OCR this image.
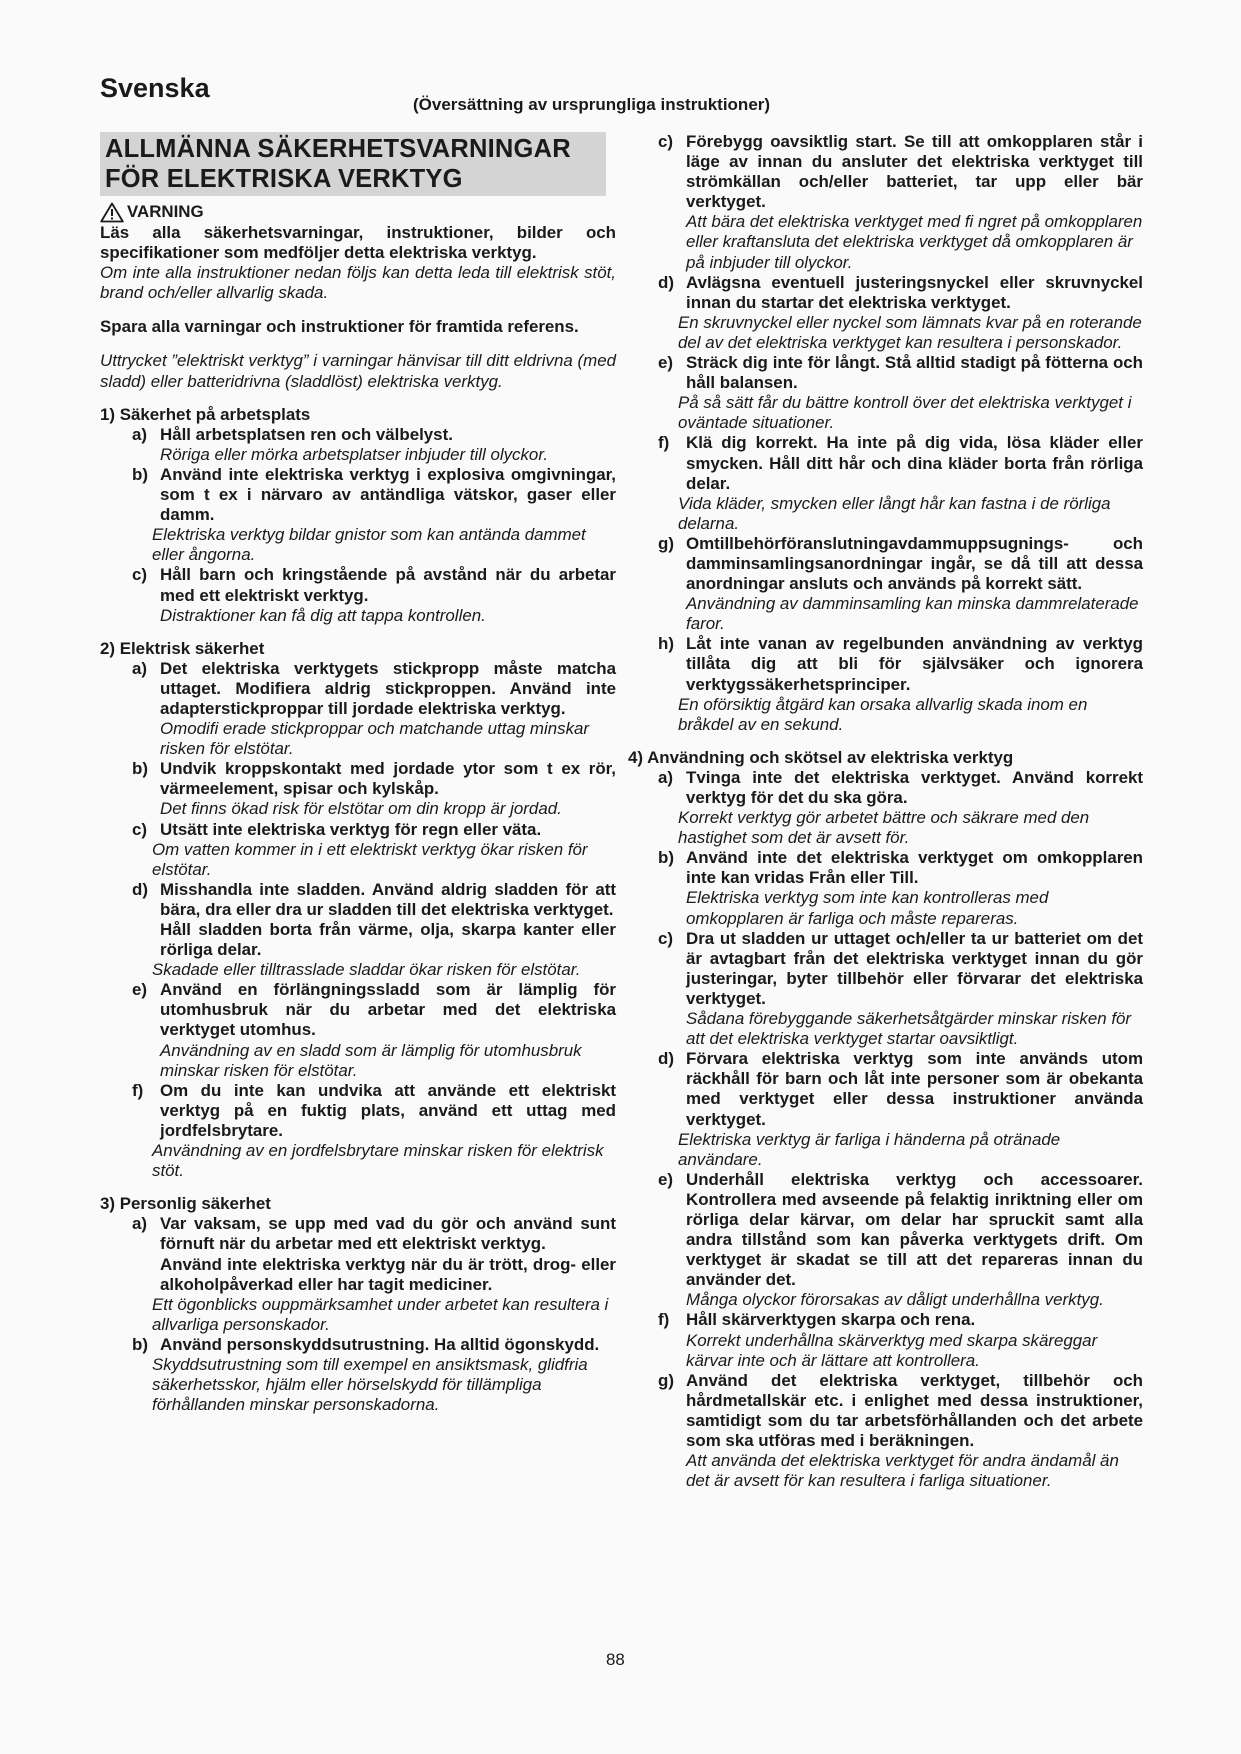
Svenska
(Översättning av ursprungliga instruktioner)
ALLMÄNNA SÄKERHETSVARNINGAR
FÖR ELEKTRISKA VERKTYG
VARNING

Läs alla säkerhetsvarningar, instruktioner, bilder och specifikationer som medföljer detta elektriska verktyg.

Om inte alla instruktioner nedan följs kan detta leda till elektrisk stöt, brand och/eller allvarlig skada.

Spara alla varningar och instruktioner för framtida referens.

Uttrycket ”elektriskt verktyg” i varningar hänvisar till ditt eldrivna (med sladd) eller batteridrivna (sladdlöst) elektriska verktyg.

1) Säkerhet på arbetsplats
a) Håll arbetsplatsen ren och välbelyst.

Röriga eller mörka arbetsplatser inbjuder till olyckor.

b) Använd inte elektriska verktyg i explosiva omgivningar, som t ex i närvaro av antändliga vätskor, gaser eller damm.

Elektriska verktyg bildar gnistor som kan antända dammet eller ångorna.

c) Håll barn och kringstående på avstånd när du arbetar med ett elektriskt verktyg.

Distraktioner kan få dig att tappa kontrollen.

2) Elektrisk säkerhet
a) Det elektriska verktygets stickpropp måste matcha uttaget. Modifiera aldrig stickproppen. Använd inte adapterstickproppar till jordade elektriska verktyg.

Omodifi erade stickproppar och matchande uttag minskar risken för elstötar.

b) Undvik kroppskontakt med jordade ytor som t ex rör, värmeelement, spisar och kylskåp.

Det finns ökad risk för elstötar om din kropp är jordad.

c) Utsätt inte elektriska verktyg för regn eller väta.

Om vatten kommer in i ett elektriskt verktyg ökar risken för elstötar.

d) Misshandla inte sladden. Använd aldrig sladden för att bära, dra eller dra ur sladden till det elektriska verktyget.

Håll sladden borta från värme, olja, skarpa kanter eller rörliga delar.

Skadade eller tilltrasslade sladdar ökar risken för elstötar.

e) Använd en förlängningssladd som är lämplig för utomhusbruk när du arbetar med det elektriska verktyget utomhus.

Användning av en sladd som är lämplig för utomhusbruk minskar risken för elstötar.

f) Om du inte kan undvika att använde ett elektriskt verktyg på en fuktig plats, använd ett uttag med jordfelsbrytare.

Användning av en jordfelsbrytare minskar risken för elektrisk stöt.

3) Personlig säkerhet
a) Var vaksam, se upp med vad du gör och använd sunt förnuft när du arbetar med ett elektriskt verktyg.

Använd inte elektriska verktyg när du är trött, drog- eller alkoholpåverkad eller har tagit mediciner.

Ett ögonblicks ouppmärksamhet under arbetet kan resultera i allvarliga personskador.

b) Använd personskyddsutrustning. Ha alltid ögonskydd.

Skyddsutrustning som till exempel en ansiktsmask, glidfria säkerhetsskor, hjälm eller hörselskydd för tillämpliga förhållanden minskar personskadorna.

c) Förebygg oavsiktlig start. Se till att omkopplaren står i läge av innan du ansluter det elektriska verktyget till strömkällan och/eller batteriet, tar upp eller bär verktyget.

Att bära det elektriska verktyget med fi ngret på omkopplaren eller kraftansluta det elektriska verktyget då omkopplaren är på inbjuder till olyckor.

d) Avlägsna eventuell justeringsnyckel eller skruvnyckel innan du startar det elektriska verktyget.

En skruvnyckel eller nyckel som lämnats kvar på en roterande del av det elektriska verktyget kan resultera i personskador.

e) Sträck dig inte för långt. Stå alltid stadigt på fötterna och håll balansen.

På så sätt får du bättre kontroll över det elektriska verktyget i oväntade situationer.

f) Klä dig korrekt. Ha inte på dig vida, lösa kläder eller smycken. Håll ditt hår och dina kläder borta från rörliga delar.

Vida kläder, smycken eller långt hår kan fastna i de rörliga delarna.

g) Omtillbehörföranslutningavdammuppsugnings- och damminsamlingsanordningar ingår, se då till att dessa anordningar ansluts och används på korrekt sätt.

Användning av damminsamling kan minska dammrelaterade faror.

h) Låt inte vanan av regelbunden användning av verktyg tillåta dig att bli för självsäker och ignorera verktygssäkerhetsprinciper.

En oförsiktig åtgärd kan orsaka allvarlig skada inom en bråkdel av en sekund.

4) Användning och skötsel av elektriska verktyg
a) Tvinga inte det elektriska verktyget. Använd korrekt verktyg för det du ska göra.

Korrekt verktyg gör arbetet bättre och säkrare med den hastighet som det är avsett för.

b) Använd inte det elektriska verktyget om omkopplaren inte kan vridas Från eller Till.

Elektriska verktyg som inte kan kontrolleras med omkopplaren är farliga och måste repareras.

c) Dra ut sladden ur uttaget och/eller ta ur batteriet om det är avtagbart från det elektriska verktyget innan du gör justeringar, byter tillbehör eller förvarar det elektriska verktyget.

Sådana förebyggande säkerhetsåtgärder minskar risken för att det elektriska verktyget startar oavsiktligt.

d) Förvara elektriska verktyg som inte används utom räckhåll för barn och låt inte personer som är obekanta med verktyget eller dessa instruktioner använda verktyget.

Elektriska verktyg är farliga i händerna på otränade användare.

e) Underhåll elektriska verktyg och accessoarer. Kontrollera med avseende på felaktig inriktning eller om rörliga delar kärvar, om delar har spruckit samt alla andra tillstånd som kan påverka verktygets drift. Om verktyget är skadat se till att det repareras innan du använder det.

Många olyckor förorsakas av dåligt underhållna verktyg.

f) Håll skärverktygen skarpa och rena.

Korrekt underhållna skärverktyg med skarpa skäreggar kärvar inte och är lättare att kontrollera.

g) Använd det elektriska verktyget, tillbehör och hårdmetallskär etc. i enlighet med dessa instruktioner, samtidigt som du tar arbetsförhållanden och det arbete som ska utföras med i beräkningen.

Att använda det elektriska verktyget för andra ändamål än det är avsett för kan resultera i farliga situationer.

88
